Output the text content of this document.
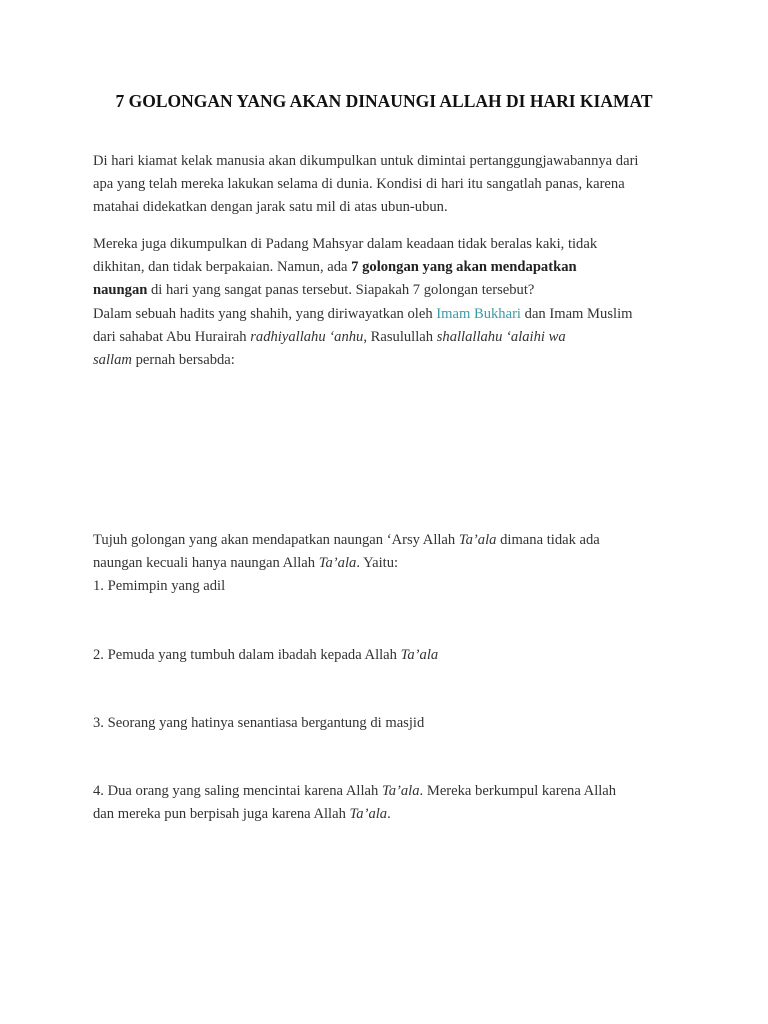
7 GOLONGAN YANG AKAN DINAUNGI ALLAH DI HARI KIAMAT

Di hari kiamat kelak manusia akan dikumpulkan untuk dimintai pertanggungjawabannya dari
apa yang telah mereka lakukan selama di dunia. Kondisi di hari itu sangatlah panas, karena
matahai didekatkan dengan jarak satu mil di atas ubun-ubun.

Mereka juga dikumpulkan di Padang Mahsyar dalam keadaan tidak beralas kaki, tidak
dikhitan, dan tidak berpakaian. Namun, ada 7 golongan yang akan mendapatkan
naungan di hari yang sangat panas tersebut. Siapakah 7 golongan tersebut?
Dalam sebuah hadits yang shahih, yang diriwayatkan oleh Imam Bukhari dan Imam Muslim
dari sahabat Abu Hurairah radhiyallahu ‘anhu, Rasulullah shallallahu ‘alaihi wa
sallam pernah bersabda:

Tujuh golongan yang akan mendapatkan naungan ‘Arsy Allah Ta’ala dimana tidak ada
naungan kecuali hanya naungan Allah Ta’ala. Yaitu:
1. Pemimpin yang adil

2. Pemuda yang tumbuh dalam ibadah kepada Allah Ta’ala

3. Seorang yang hatinya senantiasa bergantung di masjid

4. Dua orang yang saling mencintai karena Allah Ta’ala. Mereka berkumpul karena Allah
dan mereka pun berpisah juga karena Allah Ta’ala.
